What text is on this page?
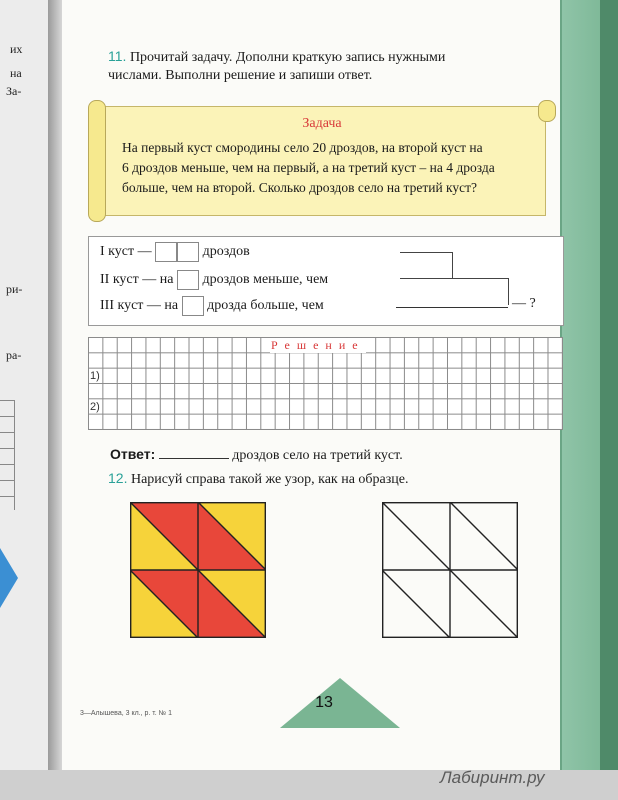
их
на
За-
ри-
ра-
11. Прочитай задачу. Дополни краткую запись нужными
числами. Выполни решение и запиши ответ.
Задача
На первый куст смородины село 20 дроздов, на второй куст на
6 дроздов меньше, чем на первый, а на третий куст – на 4 дрозда
больше, чем на второй. Сколько дроздов село на третий куст?
I куст —	дроздов
II куст — на дроздов меньше, чем
III куст — на дрозда больше, чем	— ?
Решение
1)
2)
Ответ:	дроздов село на третий куст.
12. Нарисуй справа такой же узор, как на образце.
13
3—Алышева, 3 кл., р. т. № 1
Лабиринт.ру
